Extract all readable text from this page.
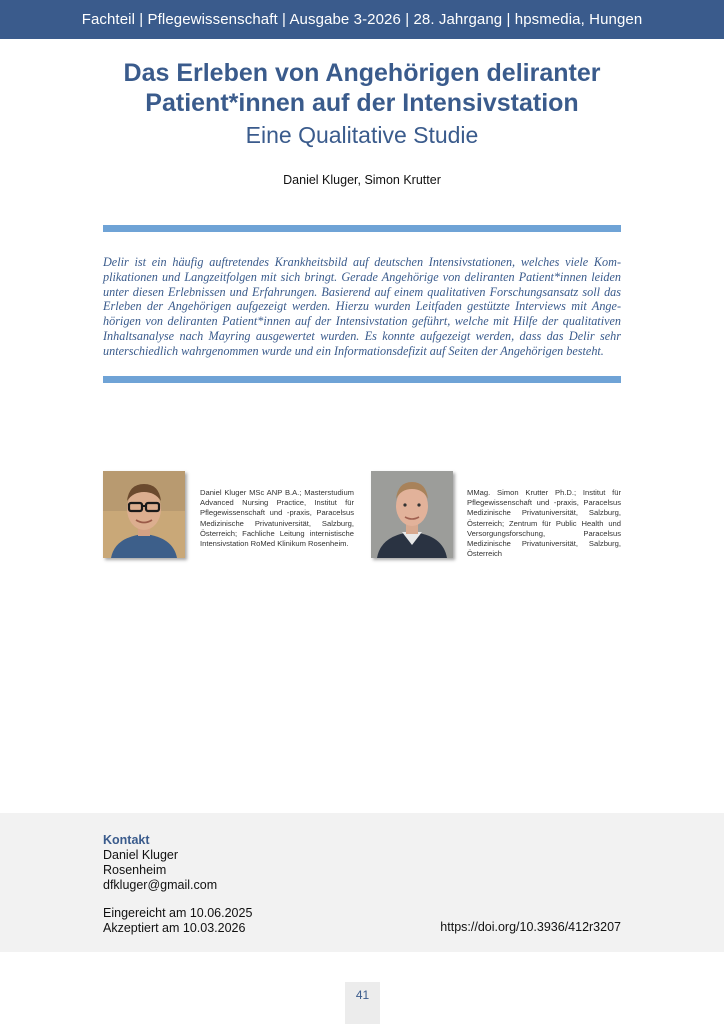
Fachteil | Pflegewissenschaft | Ausgabe 3-2026 | 28. Jahrgang | hpsmedia, Hungen
Das Erleben von Angehörigen deliranter
Patient*innen auf der Intensivstation
Eine Qualitative Studie
Daniel Kluger, Simon Krutter
Delir ist ein häufig auftretendes Krankheitsbild auf deutschen Intensivstationen, welches viele Komplikationen und Langzeitfolgen mit sich bringt. Gerade Angehörige von deliranten Patient*innen leiden unter diesen Erlebnissen und Erfahrungen. Basierend auf einem qualitativen Forschungsansatz soll das Erleben der Angehörigen aufgezeigt werden. Hierzu wurden Leitfaden gestützte Interviews mit Angehörigen von deliranten Patient*innen auf der Intensivstation geführt, welche mit Hilfe der qualitativen Inhaltsanalyse nach Mayring ausgewertet wurden. Es konnte aufgezeigt werden, dass das Delir sehr unterschiedlich wahrgenommen wurde und ein Informationsdefizit auf Seiten der Angehörigen besteht.
Daniel Kluger MSc ANP B.A.; Masterstudium Advanced Nursing Practice, Institut für Pflegewissenschaft und -praxis, Paracelsus Medizinische Privatuniversität, Salzburg, Österreich; Fachliche Leitung internistische Intensivstation RoMed Klinikum Rosenheim.
MMag. Simon Krutter Ph.D.; Institut für Pflegewissenschaft und -praxis, Paracelsus Medizinische Privatuniversität, Salzburg, Österreich; Zentrum für Public Health und Versorgungsforschung, Paracelsus Medizinische Privatuniversität, Salzburg, Österreich
Kontakt
Daniel Kluger
Rosenheim
dfkluger@gmail.com
Eingereicht am 10.06.2025
Akzeptiert am 10.03.2026	https://doi.org/10.3936/412r3207
41
